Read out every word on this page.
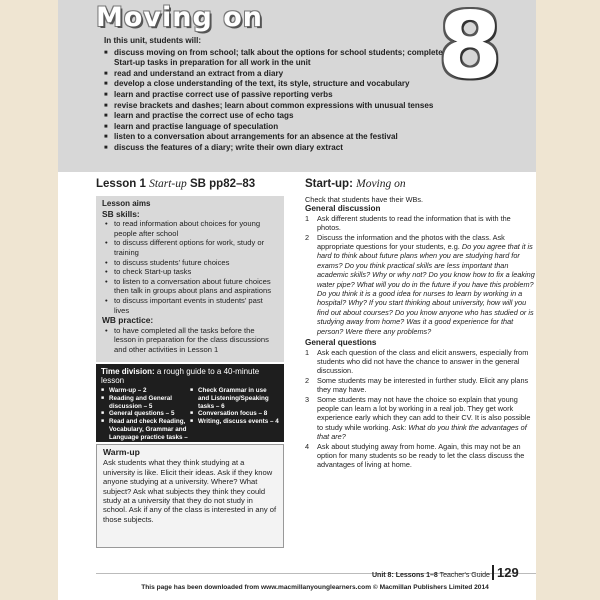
Moving on 8
In this unit, students will:
■ discuss moving on from school; talk about the options for school students; complete Start-up tasks in preparation for all work in the unit
■ read and understand an extract from a diary
■ develop a close understanding of the text, its style, structure and vocabulary
■ learn and practise correct use of passive reporting verbs
■ revise brackets and dashes; learn about common expressions with unusual tenses
■ learn and practise the correct use of echo tags
■ learn and practise language of speculation
■ listen to a conversation about arrangements for an absence at the festival
■ discuss the features of a diary; write their own diary extract
Lesson 1 Start-up SB pp82–83
Lesson aims
SB skills:
• to read information about choices for young people after school
• to discuss different options for work, study or training
• to discuss students' future choices
• to check Start-up tasks
• to listen to a conversation about future choices then talk in groups about plans and aspirations
• to discuss important events in students' past lives
WB practice:
• to have completed all the tasks before the lesson in preparation for the class discussions and other activities in Lesson 1
Time division: a rough guide to a 40-minute lesson
■ Warm-up – 2
■ Reading and General discussion – 5
■ General questions – 5
■ Read and check Reading, Vocabulary, Grammar and Language practice tasks –
■ Check Grammar in use and Listening/Speaking tasks – 6
■ Conversation focus – 8
■ Writing, discuss events – 4
Warm-up
Ask students what they think studying at a university is like. Elicit their ideas. Ask if they know anyone studying at a university. Where? What subject? Ask what subjects they think they could study at a university that they do not study in school. Ask if any of the class is interested in any of those subjects.
Start-up: Moving on
Check that students have their WBs.
General discussion
1 Ask different students to read the information that is with the photos.
2 Discuss the information and the photos with the class. Ask appropriate questions for your students, e.g. Do you agree that it is hard to think about future plans when you are studying hard for exams? Do you think practical skills are less important than academic skills? Why or why not? Do you know how to fix a leaking water pipe? What will you do in the future if you have this problem? Do you think it is a good idea for nurses to learn by working in a hospital? Why? If you start thinking about university, how will you find out about courses? Do you know anyone who has studied or is studying away from home? Was it a good experience for that person? Were there any problems?
General questions
1 Ask each question of the class and elicit answers, especially from students who did not have the chance to answer in the general discussion.
2 Some students may be interested in further study. Elicit any plans they may have.
3 Some students may not have the choice so explain that young people can learn a lot by working in a real job. They get work experience early which they can add to their CV. It is also possible to study while working. Ask: What do you think the advantages of that are?
4 Ask about studying away from home. Again, this may not be an option for many students so be ready to let the class discuss the advantages of living at home.
Unit 8: Lessons 1–8 Teacher's Guide 129
This page has been downloaded from www.macmillanyounglearners.com © Macmillan Publishers Limited 2014
